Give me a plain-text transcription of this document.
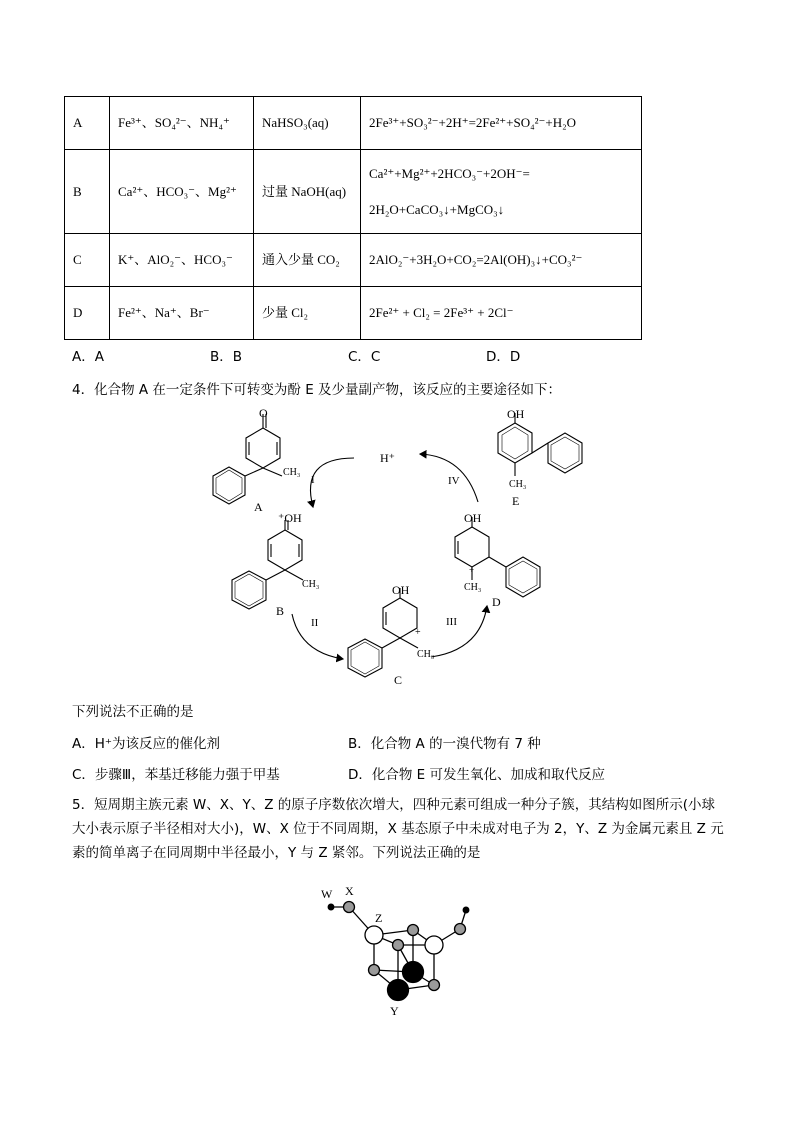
A	Fe³⁺、SO₄²⁻、NH₄⁺	NaHSO₃(aq)	2Fe³⁺+SO₃²⁻+2H⁺=2Fe²⁺+SO₄²⁻+H₂O

B	Ca²⁺、HCO₃⁻、Mg²⁺	过量 NaOH(aq)	Ca²⁺+Mg²⁺+2HCO₃⁻+2OH⁻=
2H₂O+CaCO₃↓+MgCO₃↓

C	K⁺、AlO₂⁻、HCO₃⁻	通入少量 CO₂	2AlO₂⁻+3H₂O+CO₂=2Al(OH)₃↓+CO₃²⁻

D	Fe²⁺、Na⁺、Br⁻	少量 Cl₂	2Fe²⁺ + Cl₂ = 2Fe³⁺ + 2Cl⁻
A．A	B．B	C．C	D．D
4．化合物 A 在一定条件下可转变为酚 E 及少量副产物，该反应的主要途径如下：
O
CH₃
A
⁺OH
CH₃
B
OH
+
CH₃
C
OH
+
CH₃
D
OH
CH₃
E
H⁺
I
II	III
IV
W X
Z
Y
下列说法不正确的是
A．H⁺为该反应的催化剂	B．化合物 A 的一溴代物有 7 种
C．步骤Ⅲ，苯基迁移能力强于甲基	D．化合物 E 可发生氧化、加成和取代反应
5．短周期主族元素 W、X、Y、Z 的原子序数依次增大，四种元素可组成一种分子簇，其结构如图所示(小球大小表示原子半径相对大小)，W、X 位于不同周期，X 基态原子中未成对电子为 2，Y、Z 为金属元素且 Z 元素的简单离子在同周期中半径最小，Y 与 Z 紧邻。下列说法正确的是
